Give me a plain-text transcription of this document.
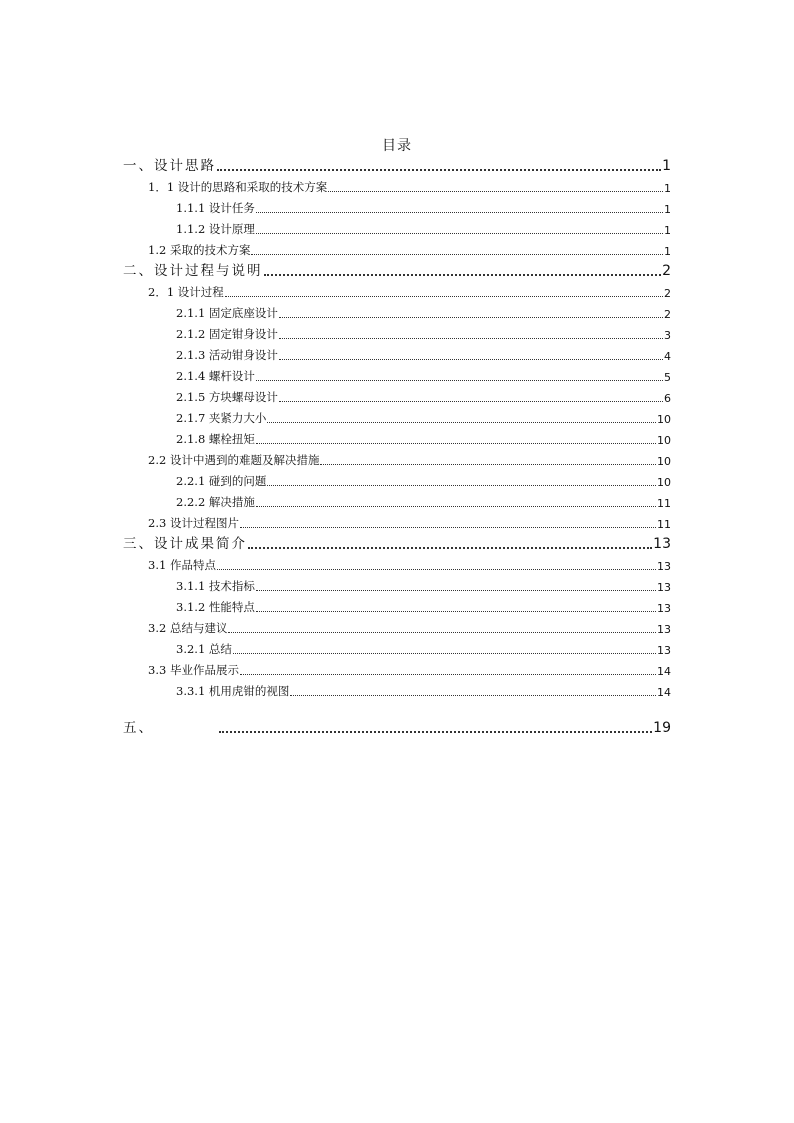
目录
一、设计思路	1
1．1 设计的思路和采取的技术方案	1
1.1.1 设计任务	1
1.1.2 设计原理	1
1.2 采取的技术方案	1
二、设计过程与说明	2
2．1 设计过程	2
2.1.1 固定底座设计	2
2.1.2 固定钳身设计	3
2.1.3 活动钳身设计	4
2.1.4 螺杆设计	5
2.1.5 方块螺母设计	6
2.1.7 夹紧力大小	10
2.1.8 螺栓扭矩	10
2.2 设计中遇到的难题及解决措施	10
2.2.1 碰到的问题	10
2.2.2 解决措施	11
2.3 设计过程图片	11
三、设计成果简介	13
3.1 作品特点	13
3.1.1 技术指标	13
3.1.2 性能特点	13
3.2 总结与建议	13
3.2.1 总结	13
3.3 毕业作品展示	14
3.3.1 机用虎钳的视图	14
五、	19
